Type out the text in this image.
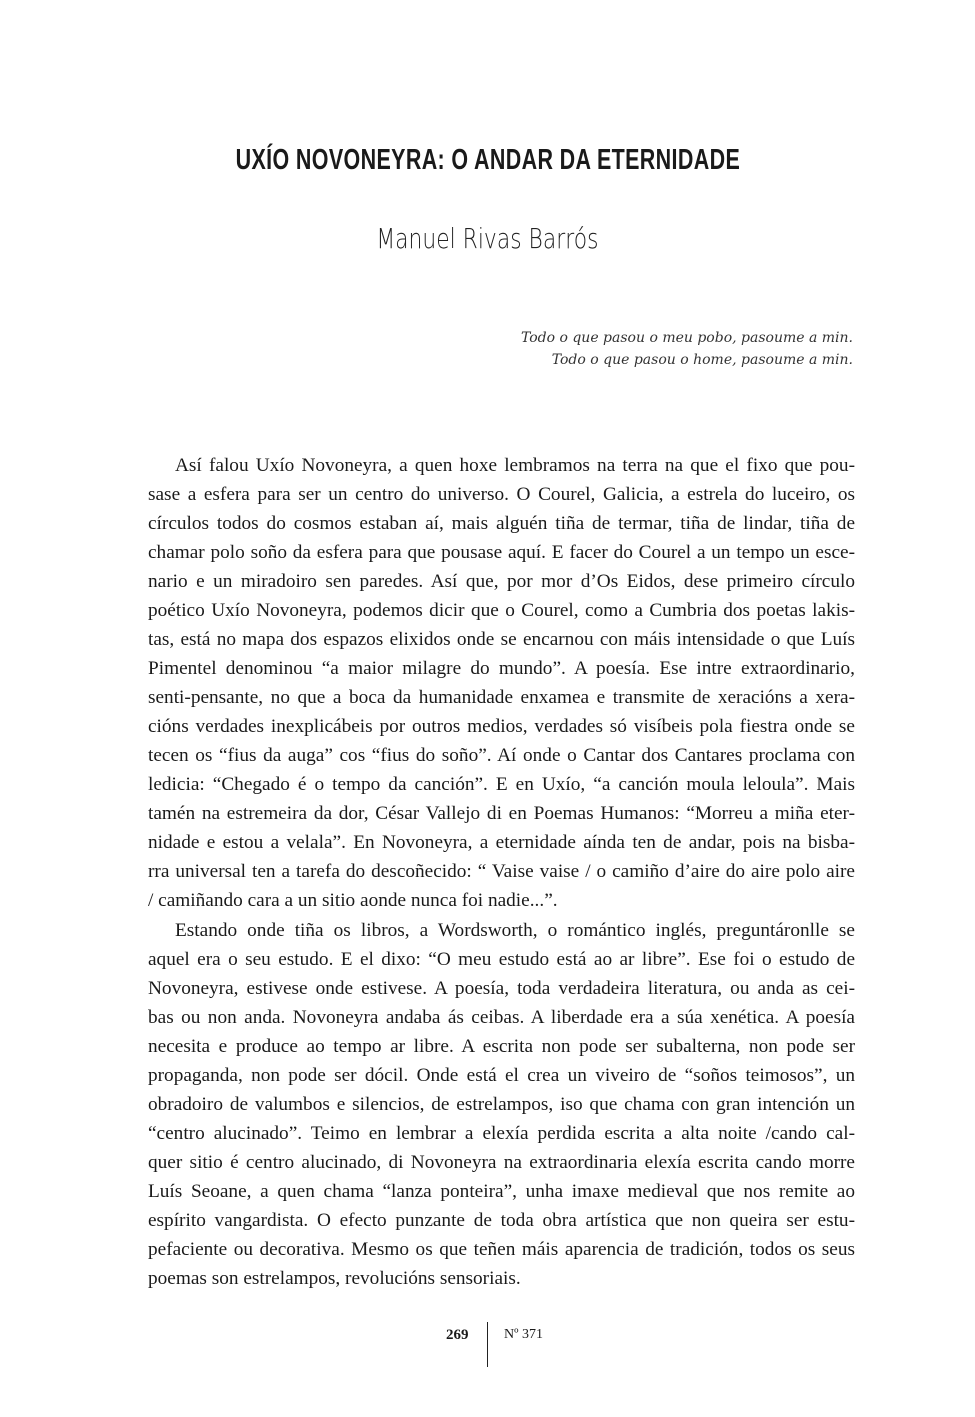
UXÍO NOVONEYRA: O ANDAR DA ETERNIDADE
Manuel Rivas Barrós
Todo o que pasou o meu pobo, pasoume a min.
Todo o que pasou o home, pasoume a min.
Así falou Uxío Novoneyra, a quen hoxe lembramos na terra na que el fixo que pou-
sase a esfera para ser un centro do universo. O Courel, Galicia, a estrela do luceiro, os
círculos todos do cosmos estaban aí, mais alguén tiña de termar, tiña de lindar, tiña de
chamar polo soño da esfera para que pousase aquí. E facer do Courel a un tempo un esce-
nario e un miradoiro sen paredes. Así que, por mor d’Os Eidos, dese primeiro círculo
poético Uxío Novoneyra, podemos dicir que o Courel, como a Cumbria dos poetas lakis-
tas, está no mapa dos espazos elixidos onde se encarnou con máis intensidade o que Luís
Pimentel denominou “a maior milagre do mundo”. A poesía. Ese intre extraordinario,
senti-pensante, no que a boca da humanidade enxamea e transmite de xeracións a xera-
cións verdades inexplicábeis por outros medios, verdades só visíbeis pola fiestra onde se
tecen os “fius da auga” cos “fius do soño”. Aí onde o Cantar dos Cantares proclama con
ledicia: “Chegado é o tempo da canción”. E en Uxío, “a canción moula leloula”. Mais
tamén na estremeira da dor, César Vallejo di en Poemas Humanos: “Morreu a miña eter-
nidade e estou a velala”. En Novoneyra, a eternidade aínda ten de andar, pois na bisba-
rra universal ten a tarefa do descoñecido: “ Vaise vaise / o camiño d’aire do aire polo aire
/ camiñando cara a un sitio aonde nunca foi nadie...”.
Estando onde tiña os libros, a Wordsworth, o romántico inglés, preguntáronlle se
aquel era o seu estudo. E el dixo: “O meu estudo está ao ar libre”. Ese foi o estudo de
Novoneyra, estivese onde estivese. A poesía, toda verdadeira literatura, ou anda as cei-
bas ou non anda. Novoneyra andaba ás ceibas. A liberdade era a súa xenética. A poesía
necesita e produce ao tempo ar libre. A escrita non pode ser subalterna, non pode ser
propaganda, non pode ser dócil. Onde está el crea un viveiro de “soños teimosos”, un
obradoiro de valumbos e silencios, de estrelampos, iso que chama con gran intención un
“centro alucinado”. Teimo en lembrar a elexía perdida escrita a alta noite /cando cal-
quer sitio é centro alucinado, di Novoneyra na extraordinaria elexía escrita cando morre
Luís Seoane, a quen chama “lanza ponteira”, unha imaxe medieval que nos remite ao
espírito vangardista. O efecto punzante de toda obra artística que non queira ser estu-
pefaciente ou decorativa. Mesmo os que teñen máis aparencia de tradición, todos os seus
poemas son estrelampos, revolucións sensoriais.
269	Nº 371
